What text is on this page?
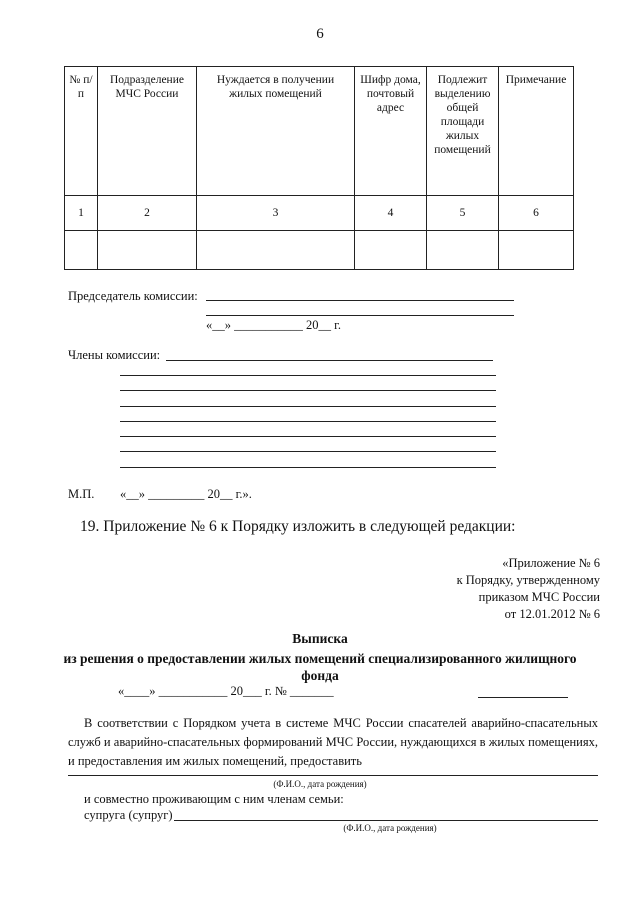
6
№ п/п	Подразделение МЧС России	Нуждается в получении жилых помещений	Шифр дома, почтовый адрес	Подлежит выделению общей площади жилых помещений	Примечание
1	2	3	4	5	6

Председатель комиссии:
«__» ___________ 20__ г.
Члены комиссии:
М.П. «__» _________ 20__ г.».
19. Приложение № 6 к Порядку изложить в следующей редакции:
«Приложение № 6
к Порядку, утвержденному
приказом МЧС России
от 12.01.2012 № 6
Выписка
из решения о предоставлении жилых помещений специализированного жилищного
фонда
«____» ___________ 20___ г. № _______
В соответствии с Порядком учета в системе МЧС России спасателей аварийно-спасательных служб и аварийно-спасательных формирований МЧС России, нуждающихся в жилых помещениях, и предоставления им жилых помещений, предоставить
(Ф.И.О., дата рождения)
и совместно проживающим с ним членам семьи:
супруга (супруг)
(Ф.И.О., дата рождения)
